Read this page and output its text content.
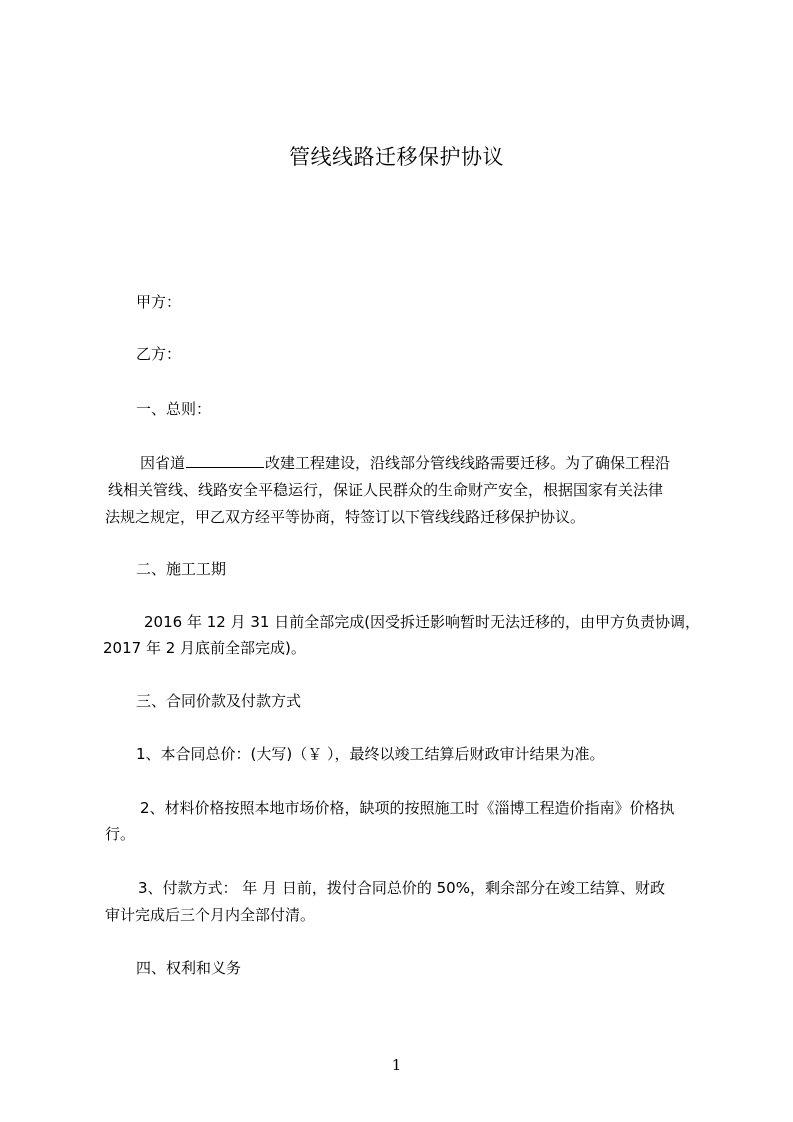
管线线路迁移保护协议
甲方：
乙方：
一、总则：
因省道	改建工程建设，沿线部分管线线路需要迁移。为了确保工程沿
线相关管线、线路安全平稳运行，保证人民群众的生命财产安全，根据国家有关法律
法规之规定，甲乙双方经平等协商，特签订以下管线线路迁移保护协议。
二、施工工期
2016 年 12 月 31 日前全部完成(因受拆迁影响暂时无法迁移的，由甲方负责协调，
2017 年 2 月底前全部完成)。
三、合同价款及付款方式
1、本合同总价：(大写)（￥ ），最终以竣工结算后财政审计结果为准。
2、材料价格按照本地市场价格，缺项的按照施工时《淄博工程造价指南》价格执
行。
3、付款方式： 年 月 日前，拨付合同总价的 50%，剩余部分在竣工结算、财政
审计完成后三个月内全部付清。
四、权利和义务
1
